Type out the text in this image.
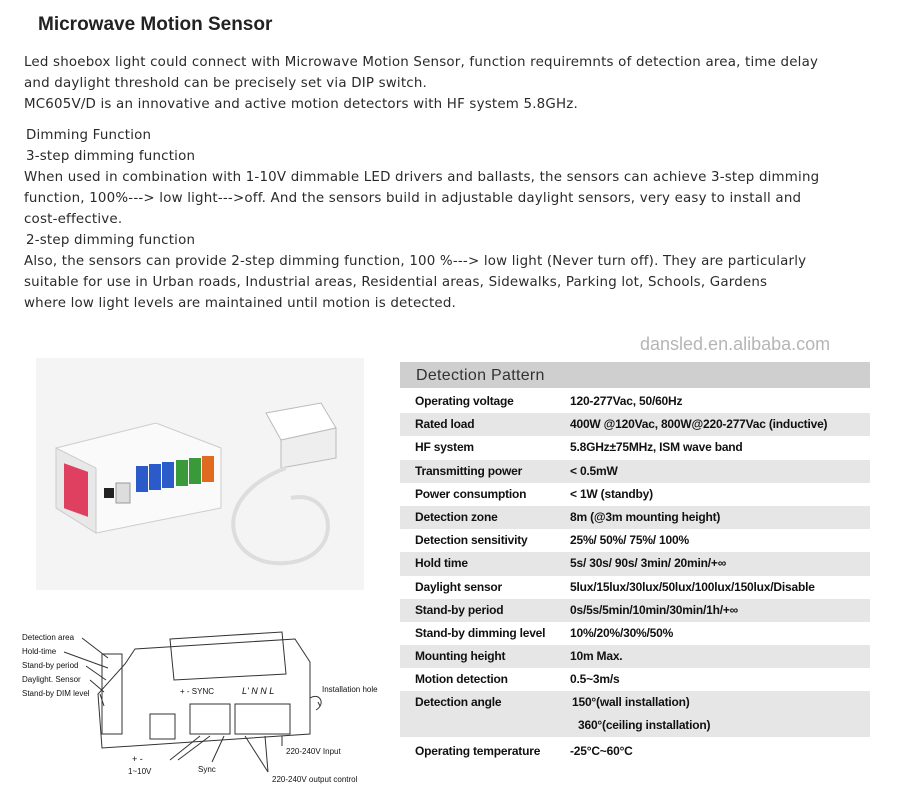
Microwave Motion Sensor
Led shoebox light could connect with Microwave Motion Sensor, function requiremnts of detection area, time delay
and daylight threshold can be precisely set via DIP switch.
MC605V/D is an innovative and active motion detectors with HF system 5.8GHz.
Dimming Function
3-step dimming function
When used in combination with 1-10V dimmable LED drivers and ballasts, the sensors can achieve 3-step dimming
function, 100%---> low light--->off. And the sensors build in adjustable daylight sensors, very easy to install and
cost-effective.
2-step dimming function
Also, the sensors can provide 2-step dimming function, 100 %---> low light (Never turn off). They are particularly
suitable for use in Urban roads, Industrial areas, Residential areas, Sidewalks, Parking lot, Schools, Gardens
where low light levels are maintained until motion is detected.
Detection area
Hold-time
Stand-by period
Daylight. Sensor
Stand-by DIM level	Installation hole
+ -
1~10V	Sync
220-240V Input
220-240V output control
+ - SYNC	L' N N L
Detection Pattern
Operating voltage	120-277Vac, 50/60Hz
Rated load	400W @120Vac, 800W@220-277Vac (inductive)
HF system	5.8GHz±75MHz, ISM wave band
Transmitting power	< 0.5mW
Power consumption	< 1W (standby)
Detection zone	8m (@3m mounting height)
Detection sensitivity	25%/ 50%/ 75%/ 100%
Hold time	5s/ 30s/ 90s/ 3min/ 20min/+∞
Daylight sensor	5lux/15lux/30lux/50lux/100lux/150lux/Disable
Stand-by period	0s/5s/5min/10min/30min/1h/+∞
Stand-by dimming level	10%/20%/30%/50%
Mounting height	10m Max.
Motion detection	0.5~3m/s
Detection angle	150°(wall installation)
360°(ceiling installation)
Operating temperature	-25°C~60°C
dansled.en.alibaba.com
